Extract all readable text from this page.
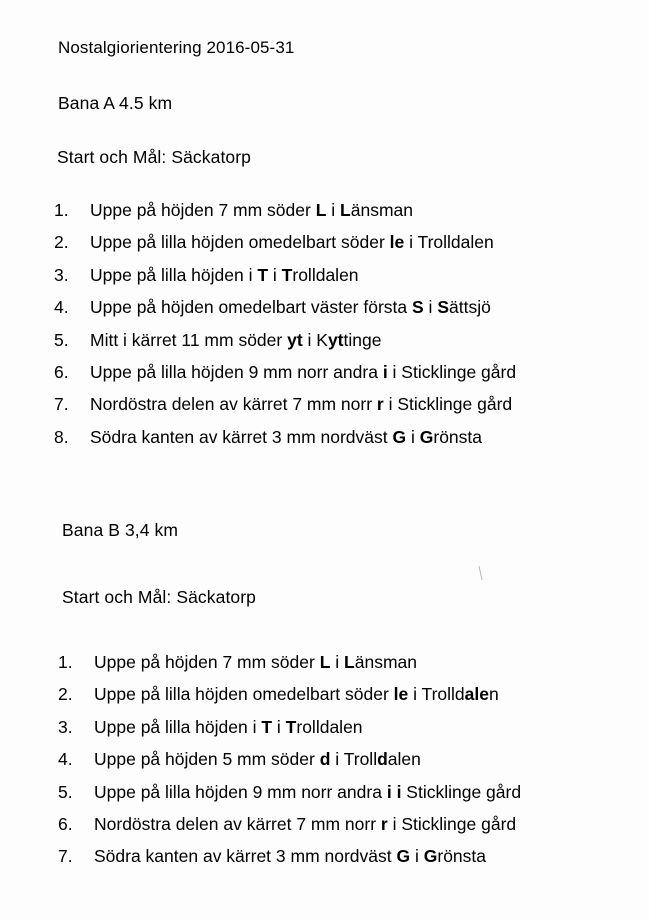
Nostalgiorientering 2016-05-31
Bana A 4.5 km
Start och Mål: Säckatorp
1. Uppe på höjden 7 mm söder L i Länsman
2. Uppe på lilla höjden omedelbart söder le i Trolldalen
3. Uppe på lilla höjden i T i Trolldalen
4. Uppe på höjden omedelbart väster första S i Sättsjö
5. Mitt i kärret 11 mm söder yt i Kyttinge
6. Uppe på lilla höjden 9 mm norr andra i i Sticklinge gård
7. Nordöstra delen av kärret 7 mm norr r i Sticklinge gård
8. Södra kanten av kärret 3 mm nordväst G i Grönsta
Bana B 3,4 km
Start och Mål: Säckatorp
1. Uppe på höjden 7 mm söder L i Länsman
2. Uppe på lilla höjden omedelbart söder le i Trolldalen
3. Uppe på lilla höjden i T i Trolldalen
4. Uppe på höjden 5 mm söder d i Trolldalen
5. Uppe på lilla höjden 9 mm norr andra i i Sticklinge gård
6. Nordöstra delen av kärret 7 mm norr r i Sticklinge gård
7. Södra kanten av kärret 3 mm nordväst G i Grönsta
